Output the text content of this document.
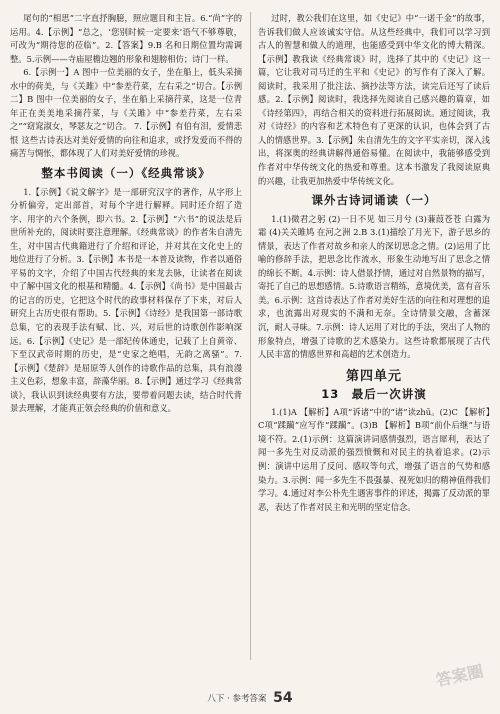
尾句的“相思”二字直抒胸臆，照应题目和主旨。6.“尚”字的运用。4.【示例】“总之，‘您别时候一定要来’语气不够尊敬，可改为“期待您的莅临”。2.【答案】9.B 名和日期位置均需调整。5.示例——寺庙屋檐边翘的形象和翅膀相仿；诗门一样。

6.【示例一】A 图中一位美丽的女子，坐在船上，低头采摘水中的荷美，与《关雎》中“参差荇菜，左右采之”切合。【示例二】B 图中一位美丽的女子，坐在船上采摘荇菜，这是一位青年正在美美地采摘荇菜，与《关雎》中“参差荇菜，左右采之”“窈窕淑女，琴瑟友之”切合。 7.【示例】有伯有泪，爱情悲恨 这些古诗表达对美好爱情的向往和追求，或抒发爱而不得的痛苦与惆怅，都体现了人们对美好爱情的珍视。

整本书阅读（一）《经典常谈》

1.【示例】《说文解字》是一部研究汉字的著作，从字形上分析偏旁，定出部首，对每个字进行解释。同时还介绍了造字、用字的六个条例，即六书。2.【示例】“六书”的说法是后世所补充的，阅读时要注意理解。《经典常谈》的作者朱自清先生，对中国古代典籍进行了介绍和评论，并对其在文化史上的地位进行了分析。3.【示例】本书是一本普及读物，作者以通俗平易的文字，介绍了中国古代经典的来龙去脉，让读者在阅读中了解中国文化的根基和精髓。4.【示例】《尚书》是中国最古的记言的历史，它把这个时代的政事材料保存了下来，对后人研究上古历史很有帮助。5.【示例】《诗经》是我国第一部诗歌总集，它的表现手法有赋、比、兴，对后世的诗歌创作影响深远。6.【示例】《史记》是一部纪传体通史，记载了上自黄帝、下至汉武帝时期的历史，是“史家之绝唱，无韵之离骚”。7.【示例】《楚辞》是屈原等人创作的诗歌作品的总集，具有浪漫主义色彩，想象丰富，辞藻华丽。8.【示例】通过学习《经典常谈》，我认识到读经典要有方法，要带着问题去读，结合时代背景去理解，才能真正领会经典的价值和意义。

过时，教公我们在这里，如《史记》中“一诺千金”的故事，告诉我们做人应该诚实守信。从这些经典中，我们可以学习到古人的智慧和做人的道理，也能感受到中华文化的博大精深。【示例】教我读《经典常谈》时，选择了其中的《史记》这一篇，它让我对司马迁的生平和《史记》的写作有了深入了解。阅读时，我采用了批注法、摘抄法等方法，读完后还写了读后感。2.【示例】阅读时，我选择先阅读自己感兴趣的篇章，如《诗经第四》，再结合相关的资料进行拓展阅读。通过阅读，我对《诗经》的内容和艺术特色有了更深的认识，也体会到了古人的情感世界。3.【示例】朱自清先生的文字平实亲切，深入浅出，将深奥的经典讲解得通俗易懂。在阅读中，我能够感受到作者对中华传统文化的热爱和尊重。这本书激发了我阅读原典的兴趣，让我更加热爱中华传统文化。

课外古诗词诵读（一）

1.(1)微君之躬 (2)一日不见 如三月兮 (3)蒹葭苍苍 白露为霜 (4)关关雎鸠 在河之洲 2.B 3.(1)描绘了月光下，游子思乡的情景，表达了作者对故乡和亲人的深切思念之情。(2)运用了比喻的修辞手法，把思念比作流水，形象生动地写出了思念之情的绵长不断。4.示例：诗人借景抒情，通过对自然景物的描写，寄托了自己的思想感情。5.诗歌语言精练，意境优美，富有音乐美。6.示例：这首诗表达了作者对美好生活的向往和对理想的追求，也流露出对现实的不满和无奈。全诗情景交融，含蓄深沉，耐人寻味。7.示例：诗人运用了对比的手法，突出了人物的形象特点，增强了诗歌的艺术感染力。这些诗歌都展现了古代人民丰富的情感世界和高超的艺术创造力。

第四单元
13　最后一次讲演

1.(1)A 【解析】A项“诉诸”中的“诸”读zhū。(2)C 【解析】C项“蹂躏”应写作“蹂躏”。(3)B 【解析】B项“前仆后继”与语境不符。2.(1)示例：这篇演讲词感情强烈，语言犀利，表达了闻一多先生对反动派的强烈愤慨和对民主的执着追求。(2)示例：演讲中运用了反问、感叹等句式，增强了语言的气势和感染力。3.示例：闻一多先生不畏强暴、视死如归的精神值得我们学习。4.通过对李公朴先生遇害事件的评述，揭露了反动派的罪恶，表达了作者对民主和光明的坚定信念。

八下 · 参考答案 54
答案圈
